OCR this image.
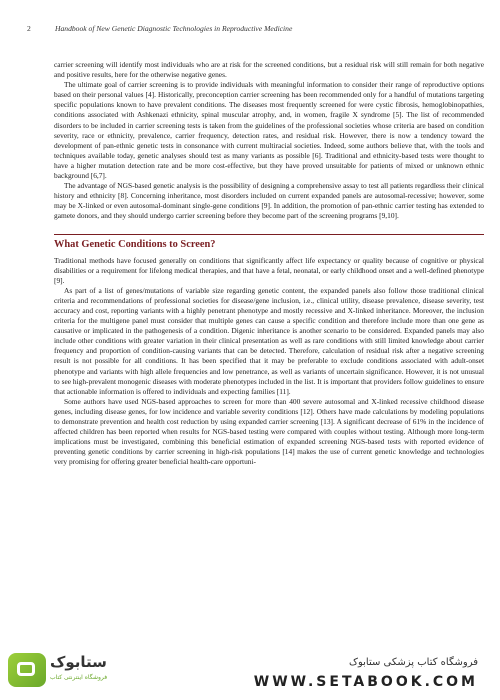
2	Handbook of New Genetic Diagnostic Technologies in Reproductive Medicine

carrier screening will identify most individuals who are at risk for the screened conditions, but a residual risk will still remain for both negative and positive results, here for the otherwise negative genes.

The ultimate goal of carrier screening is to provide individuals with meaningful information to consider their range of reproductive options based on their personal values [4]. Historically, preconception carrier screening has been recommended only for a handful of mutations targeting specific populations known to have prevalent conditions. The diseases most frequently screened for were cystic fibrosis, hemoglobinopathies, conditions associated with Ashkenazi ethnicity, spinal muscular atrophy, and, in women, fragile X syndrome [5]. The list of recommended disorders to be included in carrier screening tests is taken from the guidelines of the professional societies whose criteria are based on condition severity, race or ethnicity, prevalence, carrier frequency, detection rates, and residual risk. However, there is now a tendency toward the development of pan-ethnic genetic tests in consonance with current multiracial societies. Indeed, some authors believe that, with the tools and techniques available today, genetic analyses should test as many variants as possible [6]. Traditional and ethnicity-based tests were thought to have a higher mutation detection rate and be more cost-effective, but they have proved unsuitable for patients of mixed or unknown ethnic background [6,7].

The advantage of NGS-based genetic analysis is the possibility of designing a comprehensive assay to test all patients regardless their clinical history and ethnicity [8]. Concerning inheritance, most disorders included on current expanded panels are autosomal-recessive; however, some may be X-linked or even autosomal-dominant single-gene conditions [9]. In addition, the promotion of pan-ethnic carrier testing has extended to gamete donors, and they should undergo carrier screening before they become part of the screening programs [9,10].

What Genetic Conditions to Screen?

Traditional methods have focused generally on conditions that significantly affect life expectancy or quality because of cognitive or physical disabilities or a requirement for lifelong medical therapies, and that have a fetal, neonatal, or early childhood onset and a well-defined phenotype [9].

As part of a list of genes/mutations of variable size regarding genetic content, the expanded panels also follow those traditional clinical criteria and recommendations of professional societies for disease/gene inclusion, i.e., clinical utility, disease prevalence, disease severity, test accuracy and cost, reporting variants with a highly penetrant phenotype and mostly recessive and X-linked inheritance. Moreover, the inclusion criteria for the multigene panel must consider that multiple genes can cause a specific condition and therefore include more than one gene as causative or implicated in the pathogenesis of a condition. Digenic inheritance is another scenario to be considered. Expanded panels may also include other conditions with greater variation in their clinical presentation as well as rare conditions with still limited knowledge about carrier frequency and proportion of condition-causing variants that can be detected. Therefore, calculation of residual risk after a negative screening result is not possible for all conditions. It has been specified that it may be preferable to exclude conditions associated with adult-onset phenotype and variants with high allele frequencies and low penetrance, as well as variants of uncertain significance. However, it is not unusual to see high-prevalent monogenic diseases with moderate phenotypes included in the list. It is important that providers follow guidelines to ensure that actionable information is offered to individuals and expecting families [11].

Some authors have used NGS-based approaches to screen for more than 400 severe autosomal and X-linked recessive childhood disease genes, including disease genes, for low incidence and variable severity conditions [12]. Others have made calculations by modeling populations to demonstrate prevention and health cost reduction by using expanded carrier screening [13]. A significant decrease of 61% in the incidence of affected children has been reported when results for NGS-based testing were compared with couples without testing. Although more long-term implications must be investigated, combining this beneficial estimation of expanded screening NGS-based tests with reported evidence of preventing genetic conditions by carrier screening in high-risk populations [14] makes the use of current genetic knowledge and technologies very promising for offering greater beneficial health-care opportuni-

ستابوک
فروشگاه اینترنتی کتاب
فروشگاه کتاب پزشکی ستابوک
WWW.SETABOOK.COM
